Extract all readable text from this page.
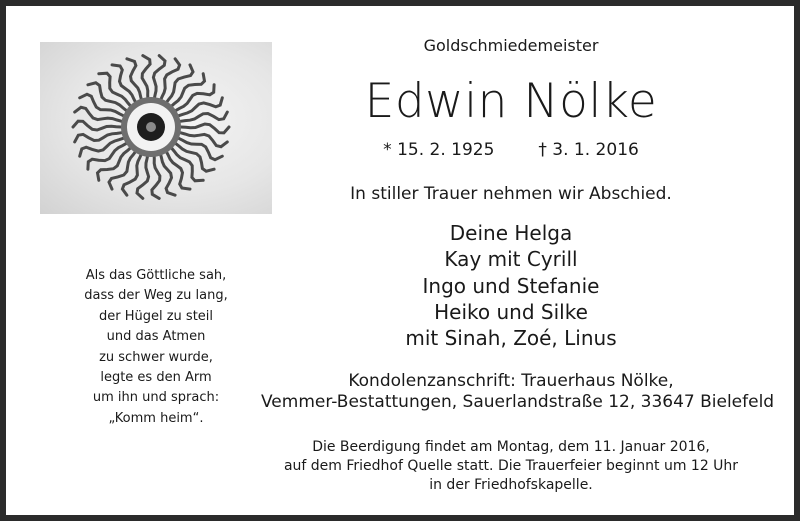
Als das Göttliche sah,
dass der Weg zu lang,
der Hügel zu steil
und das Atmen
zu schwer wurde,
legte es den Arm
um ihn und sprach:
„Komm heim“.
Goldschmiedemeister
Edwin Nölke
* 15. 2. 1925	† 3. 1. 2016
In stiller Trauer nehmen wir Abschied.
Deine Helga
Kay mit Cyrill
Ingo und Stefanie
Heiko und Silke
mit Sinah, Zoé, Linus
Kondolenzanschrift: Trauerhaus Nölke,
Vemmer-Bestattungen, Sauerlandstraße 12, 33647 Bielefeld
Die Beerdigung findet am Montag, dem 11. Januar 2016,
auf dem Friedhof Quelle statt. Die Trauerfeier beginnt um 12 Uhr
in der Friedhofskapelle.
